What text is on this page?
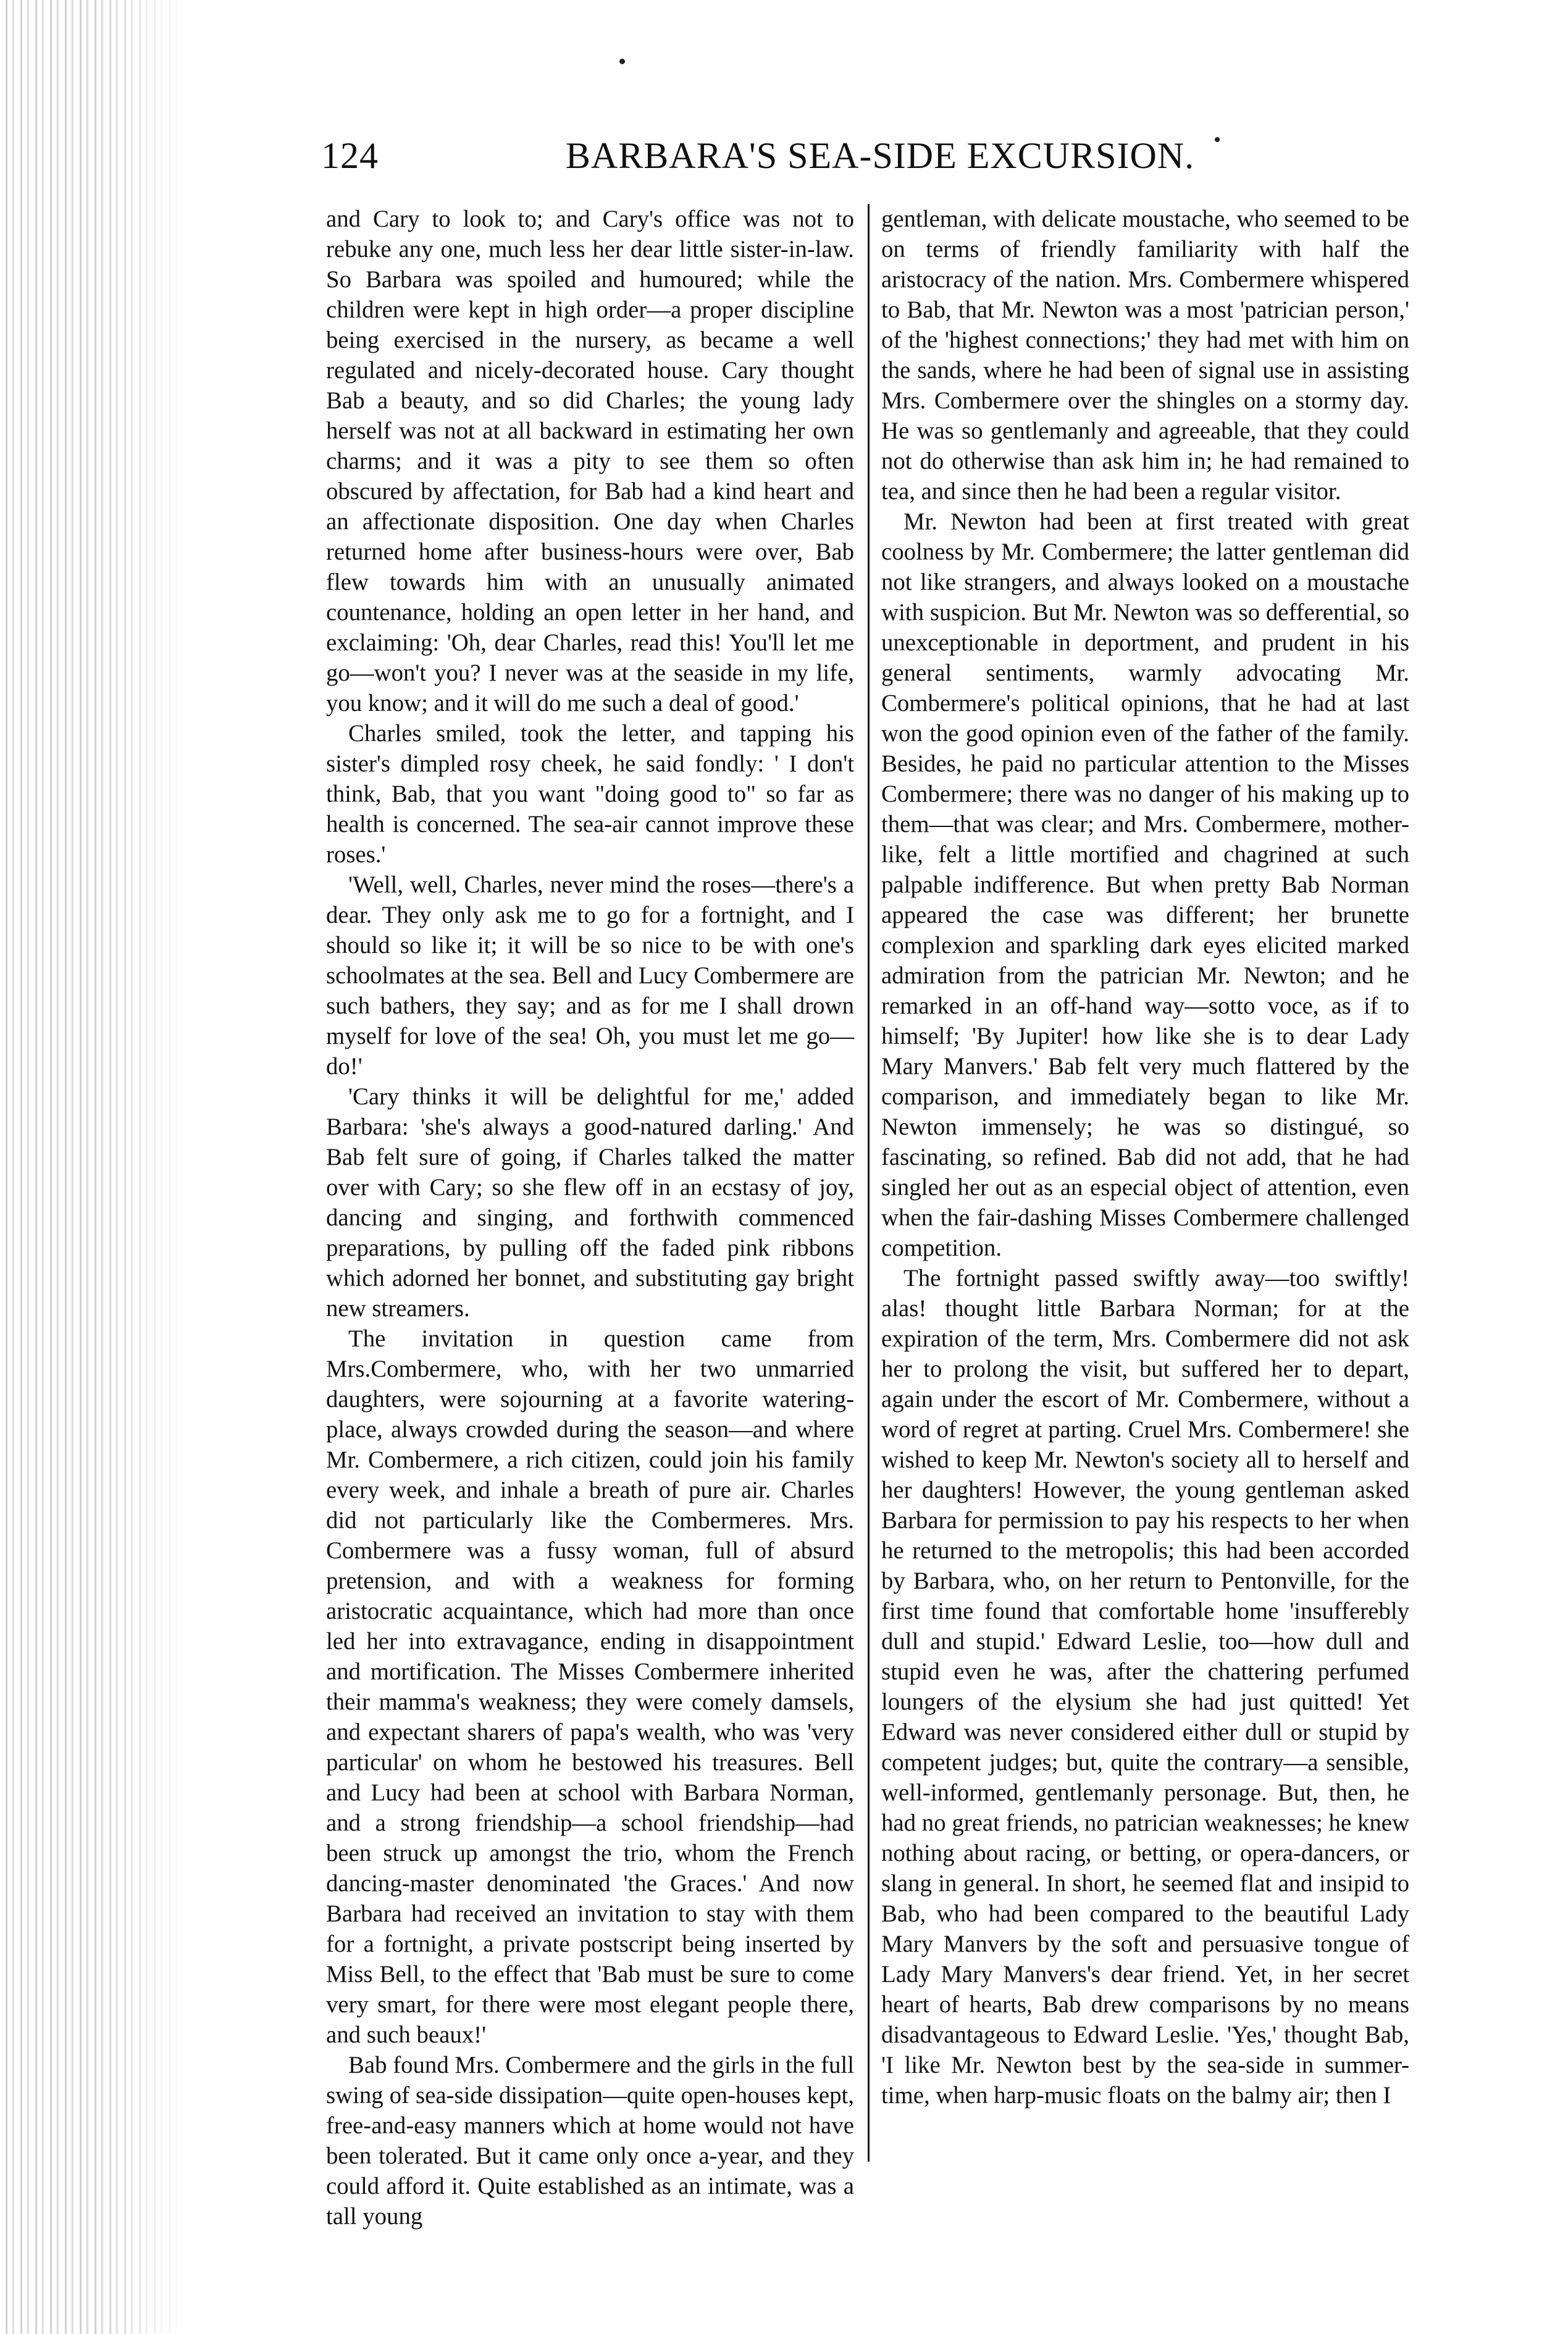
124	BARBARA'S SEA-SIDE EXCURSION.

and Cary to look to; and Cary's office was not to rebuke any one, much less her dear little sister-in-law. So Barbara was spoiled and humoured; while the children were kept in high order—a proper discipline being exercised in the nursery, as became a well regulated and nicely-decorated house. Cary thought Bab a beauty, and so did Charles; the young lady herself was not at all backward in estimating her own charms; and it was a pity to see them so often obscured by affectation, for Bab had a kind heart and an affectionate disposition. One day when Charles returned home after business-hours were over, Bab flew towards him with an unusually animated countenance, holding an open letter in her hand, and exclaiming: 'Oh, dear Charles, read this! You'll let me go—won't you? I never was at the seaside in my life, you know; and it will do me such a deal of good.'

Charles smiled, took the letter, and tapping his sister's dimpled rosy cheek, he said fondly: ' I don't think, Bab, that you want "doing good to" so far as health is concerned. The sea-air cannot improve these roses.'

'Well, well, Charles, never mind the roses—there's a dear. They only ask me to go for a fortnight, and I should so like it; it will be so nice to be with one's schoolmates at the sea. Bell and Lucy Combermere are such bathers, they say; and as for me I shall drown myself for love of the sea! Oh, you must let me go—do!'

'Cary thinks it will be delightful for me,' added Barbara: 'she's always a good-natured darling.' And Bab felt sure of going, if Charles talked the matter over with Cary; so she flew off in an ecstasy of joy, dancing and singing, and forthwith commenced preparations, by pulling off the faded pink ribbons which adorned her bonnet, and substituting gay bright new streamers.

The invitation in question came from Mrs.Combermere, who, with her two unmarried daughters, were sojourning at a favorite watering-place, always crowded during the season—and where Mr. Combermere, a rich citizen, could join his family every week, and inhale a breath of pure air. Charles did not particularly like the Combermeres. Mrs. Combermere was a fussy woman, full of absurd pretension, and with a weakness for forming aristocratic acquaintance, which had more than once led her into extravagance, ending in disappointment and mortification. The Misses Combermere inherited their mamma's weakness; they were comely damsels, and expectant sharers of papa's wealth, who was 'very particular' on whom he bestowed his treasures. Bell and Lucy had been at school with Barbara Norman, and a strong friendship—a school friendship—had been struck up amongst the trio, whom the French dancing-master denominated 'the Graces.' And now Barbara had received an invitation to stay with them for a fortnight, a private postscript being inserted by Miss Bell, to the effect that 'Bab must be sure to come very smart, for there were most elegant people there, and such beaux!'

Bab found Mrs. Combermere and the girls in the full swing of sea-side dissipation—quite open-houses kept, free-and-easy manners which at home would not have been tolerated. But it came only once a-year, and they could afford it. Quite established as an intimate, was a tall young

gentleman, with delicate moustache, who seemed to be on terms of friendly familiarity with half the aristocracy of the nation. Mrs. Combermere whispered to Bab, that Mr. Newton was a most 'patrician person,' of the 'highest connections;' they had met with him on the sands, where he had been of signal use in assisting Mrs. Combermere over the shingles on a stormy day. He was so gentlemanly and agreeable, that they could not do otherwise than ask him in; he had remained to tea, and since then he had been a regular visitor.

Mr. Newton had been at first treated with great coolness by Mr. Combermere; the latter gentleman did not like strangers, and always looked on a moustache with suspicion. But Mr. Newton was so defferential, so unexceptionable in deportment, and prudent in his general sentiments, warmly advocating Mr. Combermere's political opinions, that he had at last won the good opinion even of the father of the family. Besides, he paid no particular attention to the Misses Combermere; there was no danger of his making up to them—that was clear; and Mrs. Combermere, mother-like, felt a little mortified and chagrined at such palpable indifference. But when pretty Bab Norman appeared the case was different; her brunette complexion and sparkling dark eyes elicited marked admiration from the patrician Mr. Newton; and he remarked in an off-hand way—sotto voce, as if to himself; 'By Jupiter! how like she is to dear Lady Mary Manvers.' Bab felt very much flattered by the comparison, and immediately began to like Mr. Newton immensely; he was so distingué, so fascinating, so refined. Bab did not add, that he had singled her out as an especial object of attention, even when the fair-dashing Misses Combermere challenged competition.

The fortnight passed swiftly away—too swiftly! alas! thought little Barbara Norman; for at the expiration of the term, Mrs. Combermere did not ask her to prolong the visit, but suffered her to depart, again under the escort of Mr. Combermere, without a word of regret at parting. Cruel Mrs. Combermere! she wished to keep Mr. Newton's society all to herself and her daughters! However, the young gentleman asked Barbara for permission to pay his respects to her when he returned to the metropolis; this had been accorded by Barbara, who, on her return to Pentonville, for the first time found that comfortable home 'insufferebly dull and stupid.' Edward Leslie, too—how dull and stupid even he was, after the chattering perfumed loungers of the elysium she had just quitted! Yet Edward was never considered either dull or stupid by competent judges; but, quite the contrary—a sensible, well-informed, gentlemanly personage. But, then, he had no great friends, no patrician weaknesses; he knew nothing about racing, or betting, or opera-dancers, or slang in general. In short, he seemed flat and insipid to Bab, who had been compared to the beautiful Lady Mary Manvers by the soft and persuasive tongue of Lady Mary Manvers's dear friend. Yet, in her secret heart of hearts, Bab drew comparisons by no means disadvantageous to Edward Leslie. 'Yes,' thought Bab, 'I like Mr. Newton best by the sea-side in summer-time, when harp-music floats on the balmy air; then I
